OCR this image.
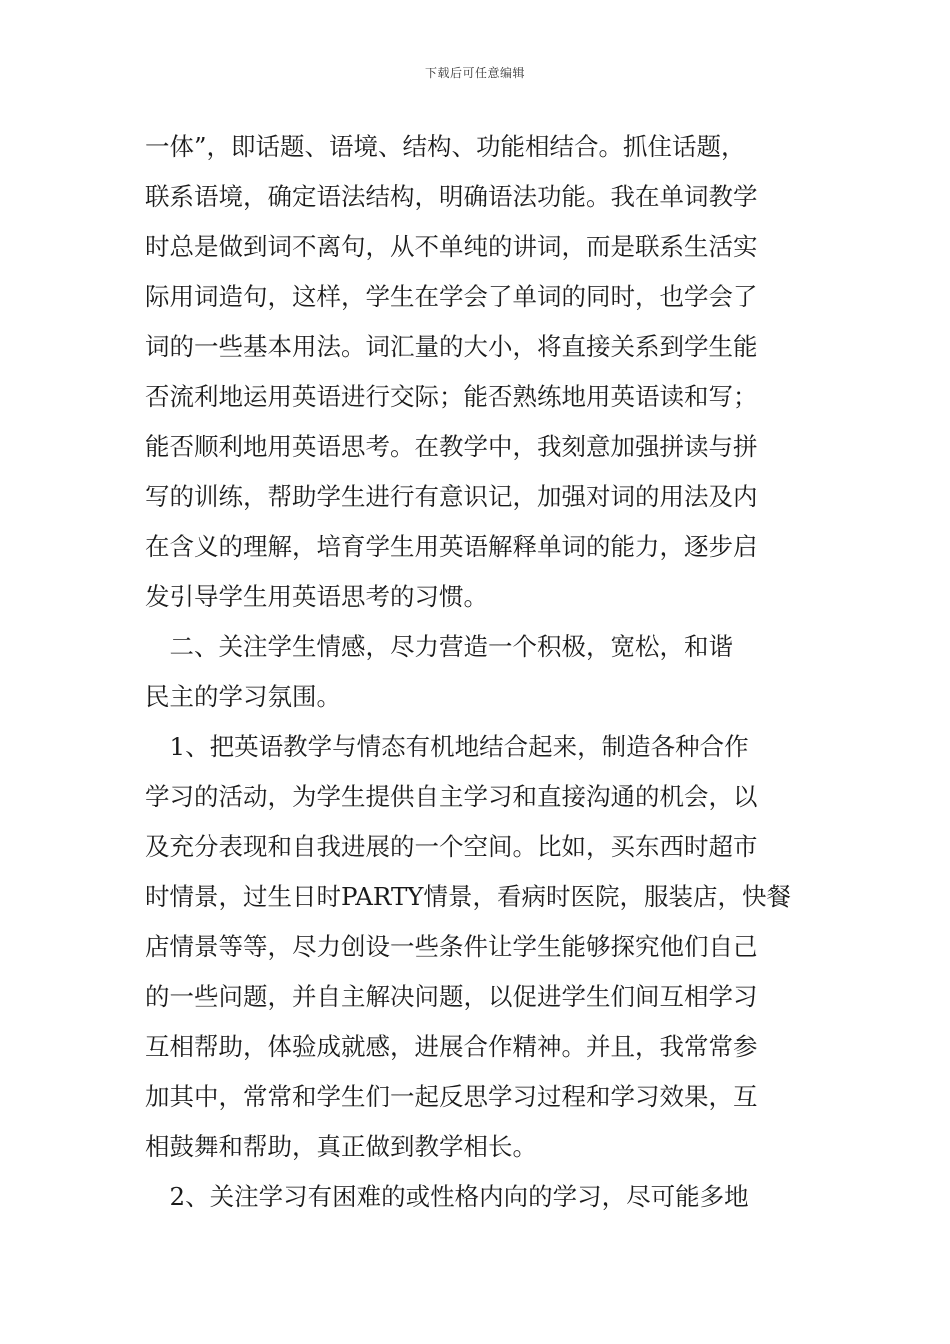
下载后可任意编辑
一体”，即话题、语境、结构、功能相结合。抓住话题，
联系语境，确定语法结构，明确语法功能。我在单词教学
时总是做到词不离句，从不单纯的讲词，而是联系生活实
际用词造句，这样，学生在学会了单词的同时，也学会了
词的一些基本用法。词汇量的大小，将直接关系到学生能
否流利地运用英语进行交际；能否熟练地用英语读和写；
能否顺利地用英语思考。在教学中，我刻意加强拼读与拼
写的训练，帮助学生进行有意识记，加强对词的用法及内
在含义的理解，培育学生用英语解释单词的能力，逐步启
发引导学生用英语思考的习惯。
　二、关注学生情感，尽力营造一个积极，宽松，和谐
民主的学习氛围。
　1、把英语教学与情态有机地结合起来，制造各种合作
学习的活动，为学生提供自主学习和直接沟通的机会，以
及充分表现和自我进展的一个空间。比如，买东西时超市
时情景，过生日时PARTY情景，看病时医院，服装店，快餐
店情景等等，尽力创设一些条件让学生能够探究他们自己
的一些问题，并自主解决问题，以促进学生们间互相学习
互相帮助，体验成就感，进展合作精神。并且，我常常参
加其中，常常和学生们一起反思学习过程和学习效果，互
相鼓舞和帮助，真正做到教学相长。
　2、关注学习有困难的或性格内向的学习，尽可能多地
